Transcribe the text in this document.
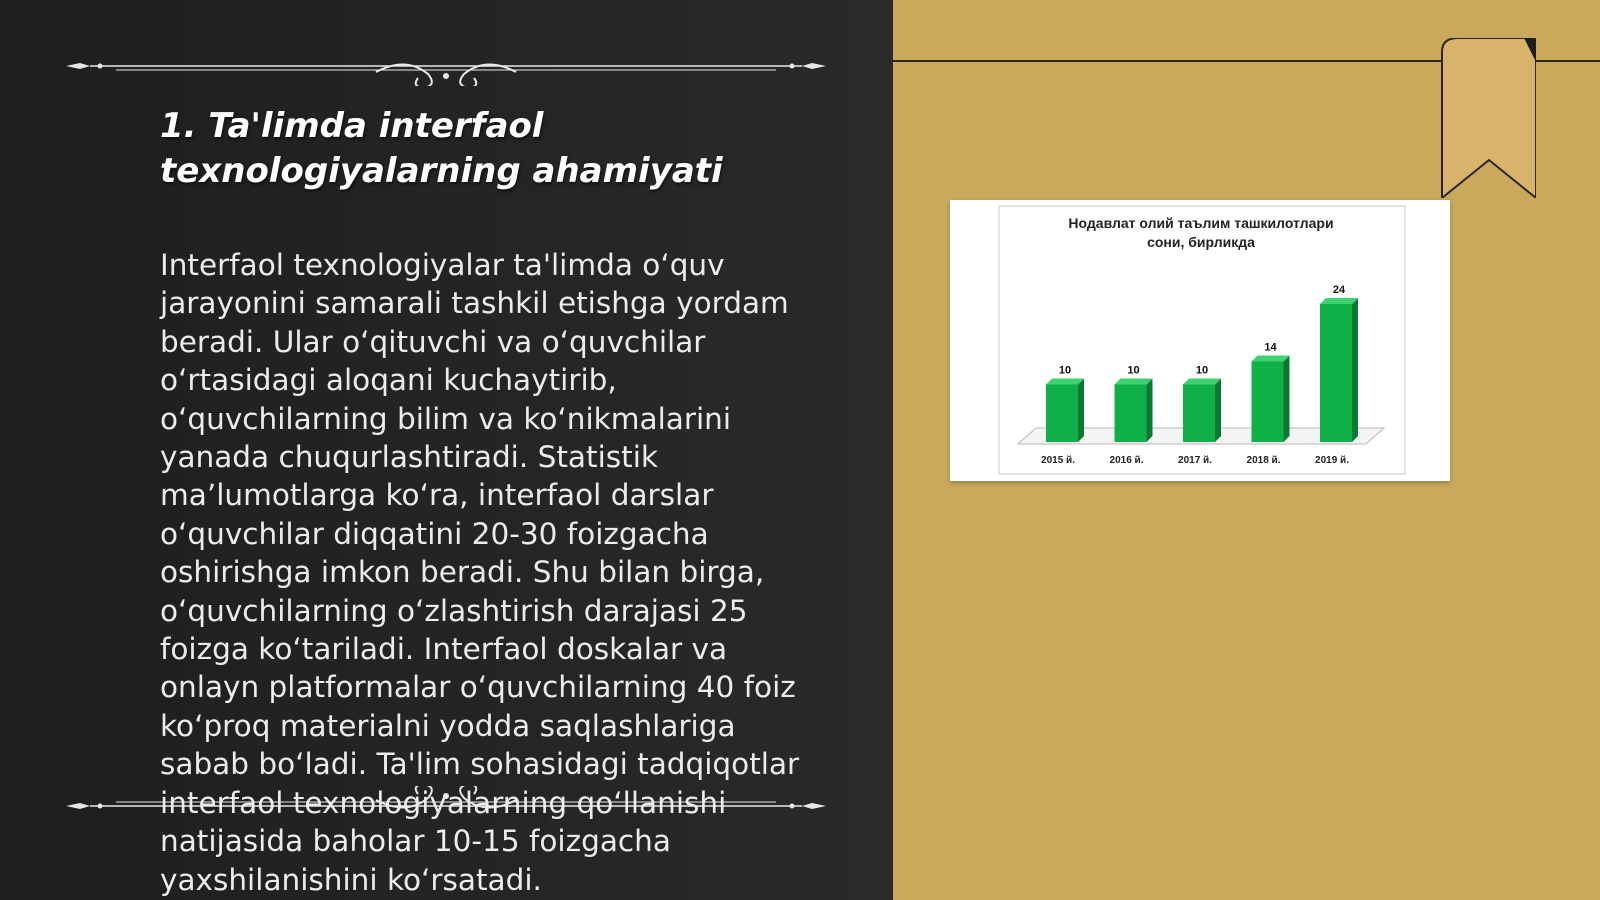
1. Ta'limda interfaol texnologiyalarning ahamiyati

Interfaol texnologiyalar ta'limda o‘quv jarayonini samarali tashkil etishga yordam beradi. Ular o‘qituvchi va o‘quvchilar o‘rtasidagi aloqani kuchaytirib, o‘quvchilarning bilim va ko‘nikmalarini yanada chuqurlashtiradi. Statistik ma’lumotlarga ko‘ra, interfaol darslar o‘quvchilar diqqatini 20-30 foizgacha oshirishga imkon beradi. Shu bilan birga, o‘quvchilarning o‘zlashtirish darajasi 25 foizga ko‘tariladi. Interfaol doskalar va onlayn platformalar o‘quvchilarning 40 foiz ko‘proq materialni yodda saqlashlariga sabab bo‘ladi. Ta'lim sohasidagi tadqiqotlar interfaol texnologiyalarning qo‘llanishi natijasida baholar 10-15 foizgacha yaxshilanishini ko‘rsatadi.

Нодавлат олий таълим ташкилотлари
сони, бирликда
10
2015 й.
10
2016 й.
10
2017 й.
14
2018 й.
24
2019 й.
